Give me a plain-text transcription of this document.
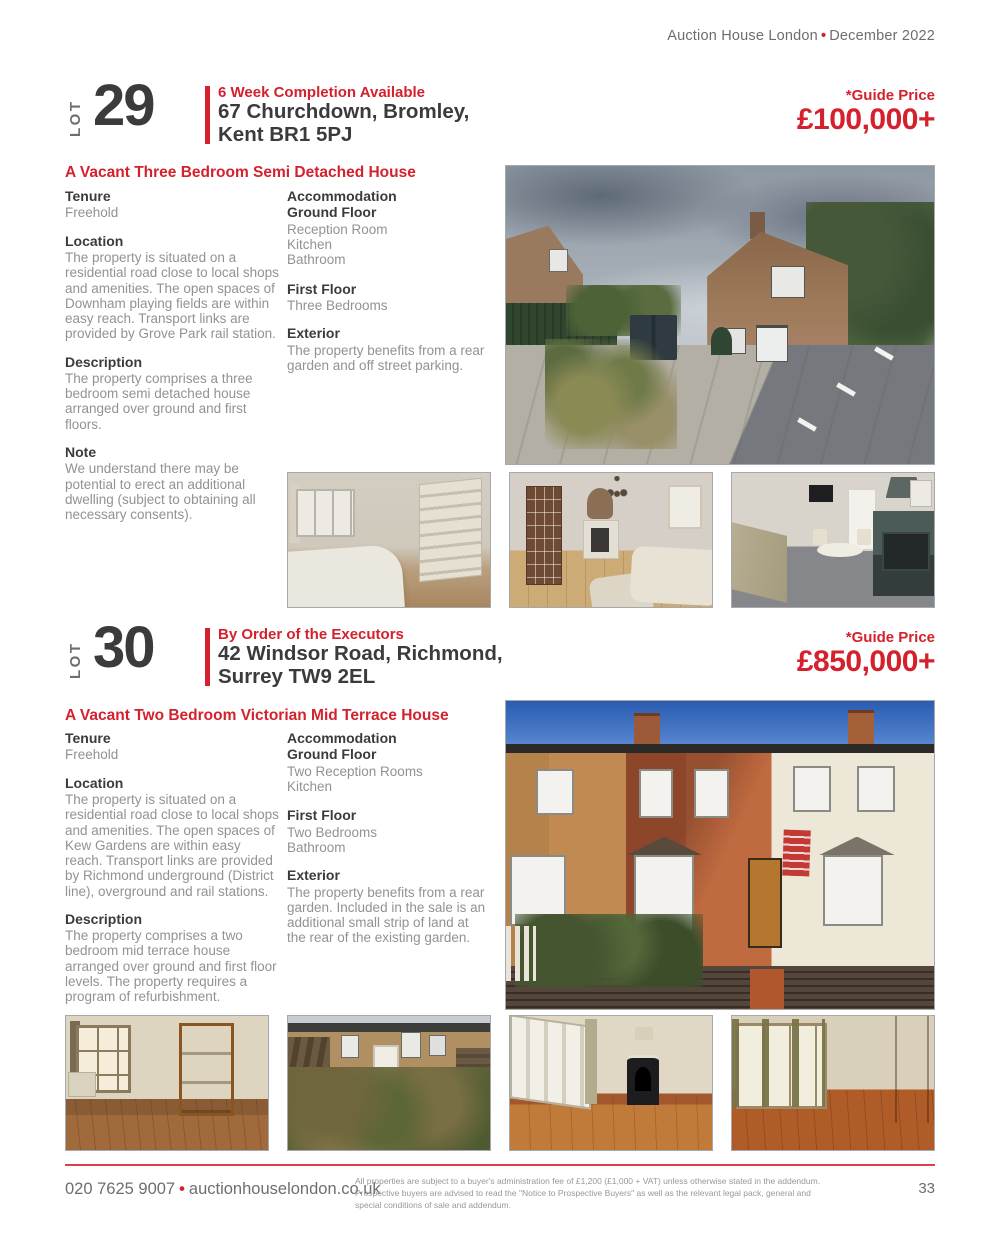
Auction House London • December 2022
LOT 29	6 Week Completion Available
67 Churchdown, Bromley,
Kent BR1 5PJ
*Guide Price
£100,000+
A Vacant Three Bedroom Semi Detached House
Tenure

Freehold

Location

The property is situated on a residential road close to local shops and amenities. The open spaces of Downham playing fields are within easy reach. Transport links are provided by Grove Park rail station.

Description

The property comprises a three bedroom semi detached house arranged over ground and first floors.

Note

We understand there may be potential to erect an additional dwelling (subject to obtaining all necessary consents).

Accommodation
Ground Floor

Reception Room

Kitchen

Bathroom

First Floor

Three Bedrooms

Exterior

The property benefits from a rear garden and off street parking.

LOT 30	By Order of the Executors
42 Windsor Road, Richmond,
Surrey TW9 2EL
*Guide Price
£850,000+
A Vacant Two Bedroom Victorian Mid Terrace House
Tenure

Freehold

Location

The property is situated on a residential road close to local shops and amenities. The open spaces of Kew Gardens are within easy reach. Transport links are provided by Richmond underground (District line), overground and rail stations.

Description

The property comprises a two bedroom mid terrace house arranged over ground and first floor levels. The property requires a program of refurbishment.

Accommodation
Ground Floor

Two Reception Rooms

Kitchen

First Floor

Two Bedrooms

Bathroom

Exterior

The property benefits from a rear garden. Included in the sale is an additional small strip of land at the rear of the existing garden.

020 7625 9007 • auctionhouselondon.co.uk
All properties are subject to a buyer's administration fee of £1,200 (£1,000 + VAT) unless otherwise stated in the addendum. Prospective buyers are advised to read the "Notice to Prospective Buyers" as well as the relevant legal pack, general and special conditions of sale and addendum.
33
